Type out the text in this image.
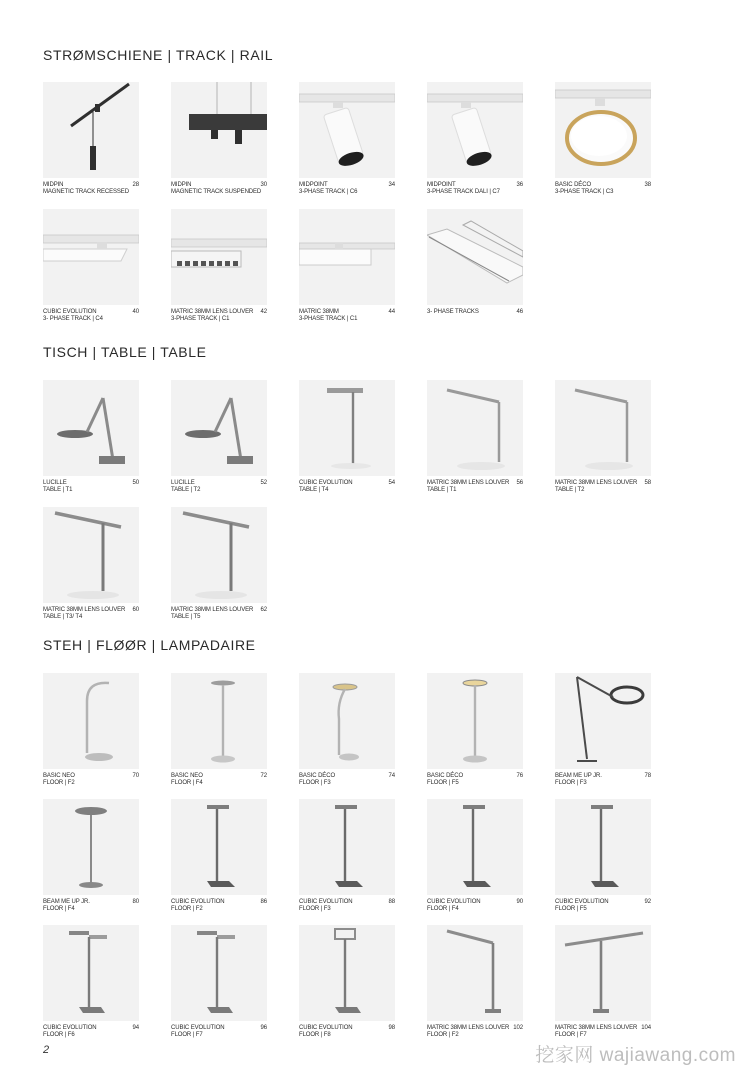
STRØMSCHIENE | TRACK | RAIL
TISCH | TABLE | TABLE
STEH | FLØØR | LAMPADAIRE
MIDPIN
MAGNETIC TRACK RECESSED
28	MIDPIN
MAGNETIC TRACK SUSPENDED
30	MIDPOINT
3-PHASE TRACK | C6
34	MIDPOINT
3-PHASE TRACK DALI | C7
36	BASIC DÉCO
3-PHASE TRACK | C3
38
CUBIC EVOLUTION
3- PHASE TRACK | C4
40	MATRIC 38MM LENS LOUVER
3-PHASE TRACK | C1
42	MATRIC 38MM
3-PHASE TRACK | C1
44	3- PHASE TRACKS	46
LUCILLE
TABLE | T1
50	LUCILLE
TABLE | T2
52	CUBIC EVOLUTION
TABLE | T4
54	MATRIC 38MM LENS LOUVER
TABLE | T1
56	MATRIC 38MM LENS LOUVER
TABLE | T2
58
MATRIC 38MM LENS LOUVER
TABLE | T3/ T4
60	MATRIC 38MM LENS LOUVER
TABLE | T5
62
BASIC NEO
FLOOR | F2
70	BASIC NEO
FLOOR | F4
72	BASIC DÉCO
FLOOR | F3
74	BASIC DÉCO
FLOOR | F5
76	BEAM ME UP JR.
FLOOR | F3
78
BEAM ME UP JR.
FLOOR | F4
80	CUBIC EVOLUTION
FLOOR | F2
86	CUBIC EVOLUTION
FLOOR | F3
88	CUBIC EVOLUTION
FLOOR | F4
90	CUBIC EVOLUTION
FLOOR | F5
92
CUBIC EVOLUTION
FLOOR | F6
94	CUBIC EVOLUTION
FLOOR | F7
96	CUBIC EVOLUTION
FLOOR | F8
98	MATRIC 38MM LENS LOUVER
FLOOR | F2
102	MATRIC 38MM LENS LOUVER
FLOOR | F7
104
2	挖家网 wajiawang.com
